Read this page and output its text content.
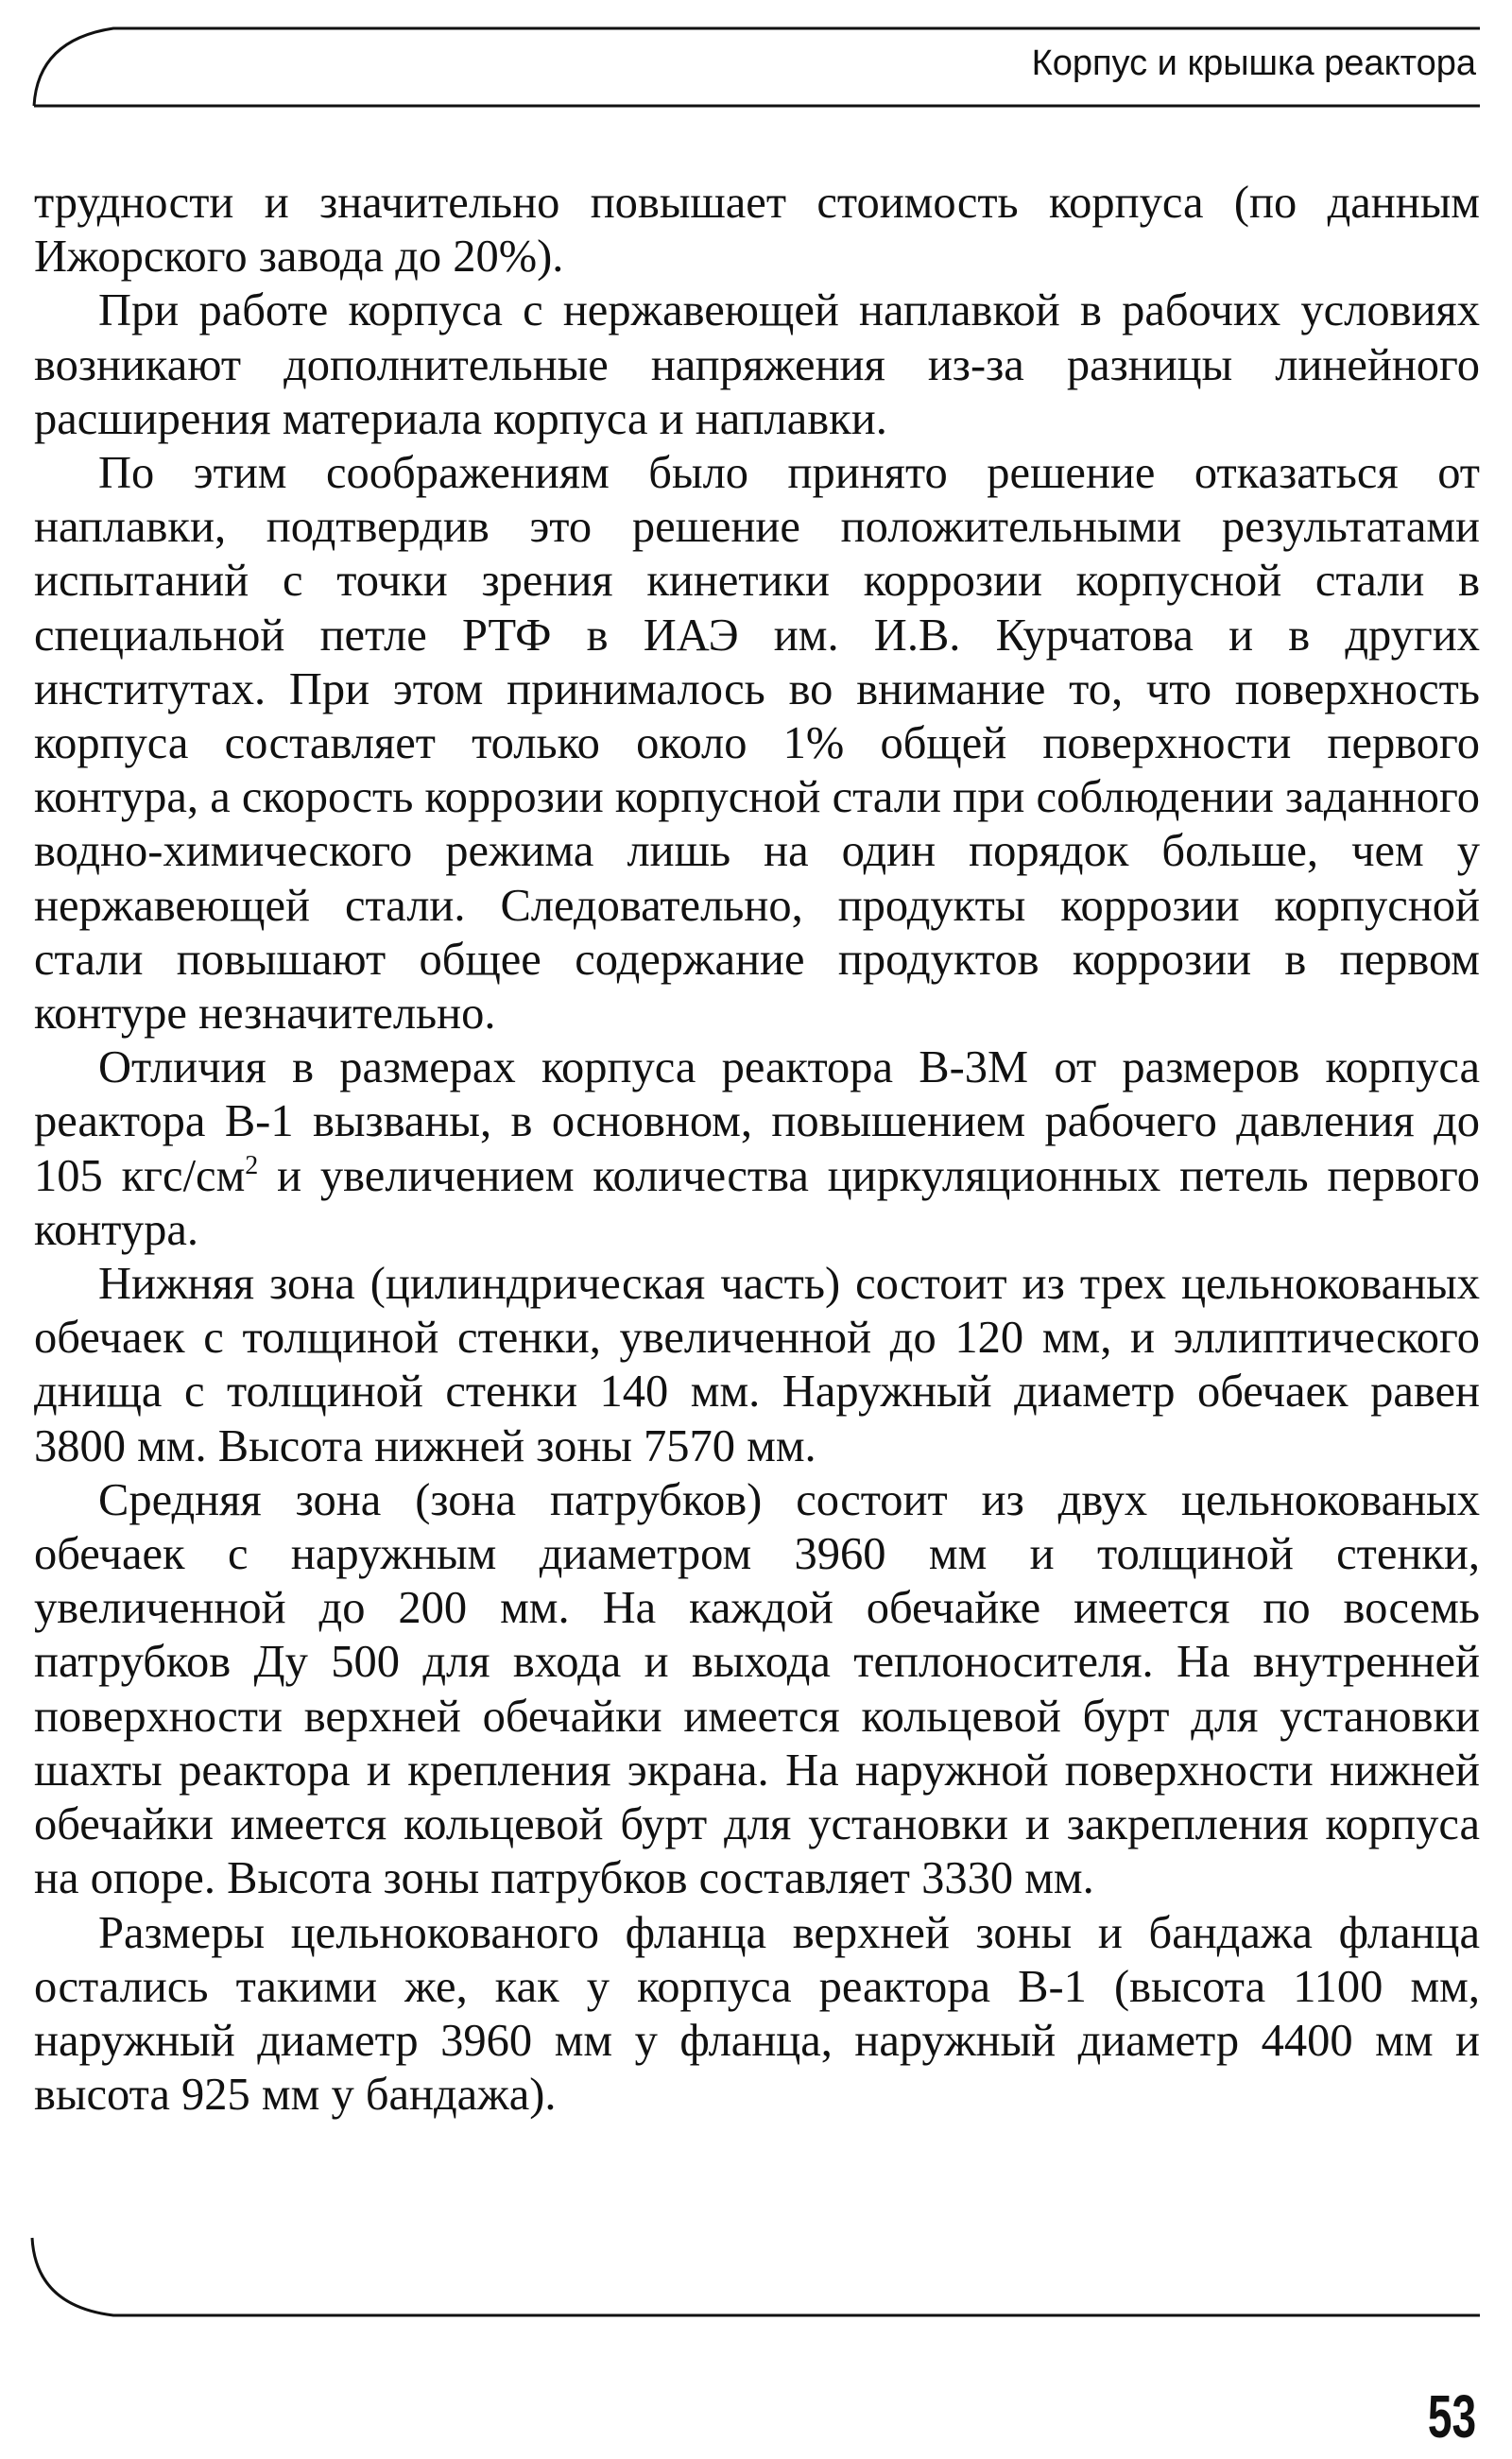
Корпус и крышка реактора

трудности и значительно повышает стоимость корпуса (по данным Ижорского завода до 20%).

При работе корпуса с нержавеющей наплавкой в рабочих условиях возникают дополнительные напряжения из-за разницы линейного расширения материала корпуса и наплавки.

По этим соображениям было принято решение отказаться от наплавки, подтвердив это решение положительными результатами испытаний с точки зрения кинетики коррозии корпусной стали в специальной петле РТФ в ИАЭ им. И.В. Курчатова и в других институтах. При этом принималось во внимание то, что поверхность корпуса составляет только около 1% общей поверхности первого контура, а скорость коррозии корпусной стали при соблюдении заданного водно-химического режима лишь на один порядок больше, чем у нержавеющей стали. Следовательно, продукты коррозии корпусной стали повышают общее содержание продуктов коррозии в первом контуре незначительно.

Отличия в размерах корпуса реактора В-3М от размеров корпуса реактора В-1 вызваны, в основном, повышением рабочего давления до 105 кгс/$см^2$ и увеличением количества циркуляционных петель первого контура.

Нижняя зона (цилиндрическая часть) состоит из трех цельнокованых обечаек с толщиной стенки, увеличенной до 120 мм, и эллиптического днища с толщиной стенки 140 мм. Наружный диаметр обечаек равен 3800 мм. Высота нижней зоны 7570 мм.

Средняя зона (зона патрубков) состоит из двух цельнокованых обечаек с наружным диаметром 3960 мм и толщиной стенки, увеличенной до 200 мм. На каждой обечайке имеется по восемь патрубков Ду 500 для входа и выхода теплоносителя. На внутренней поверхности верхней обечайки имеется кольцевой бурт для установки шахты реактора и крепления экрана. На наружной поверхности нижней обечайки имеется кольцевой бурт для установки и закрепления корпуса на опоре. Высота зоны патрубков составляет 3330 мм.

Размеры цельнокованого фланца верхней зоны и бандажа фланца остались такими же, как у корпуса реактора В-1 (высота 1100 мм, наружный диаметр 3960 мм у фланца, наружный диаметр 4400 мм и высота 925 мм у бандажа).

53
